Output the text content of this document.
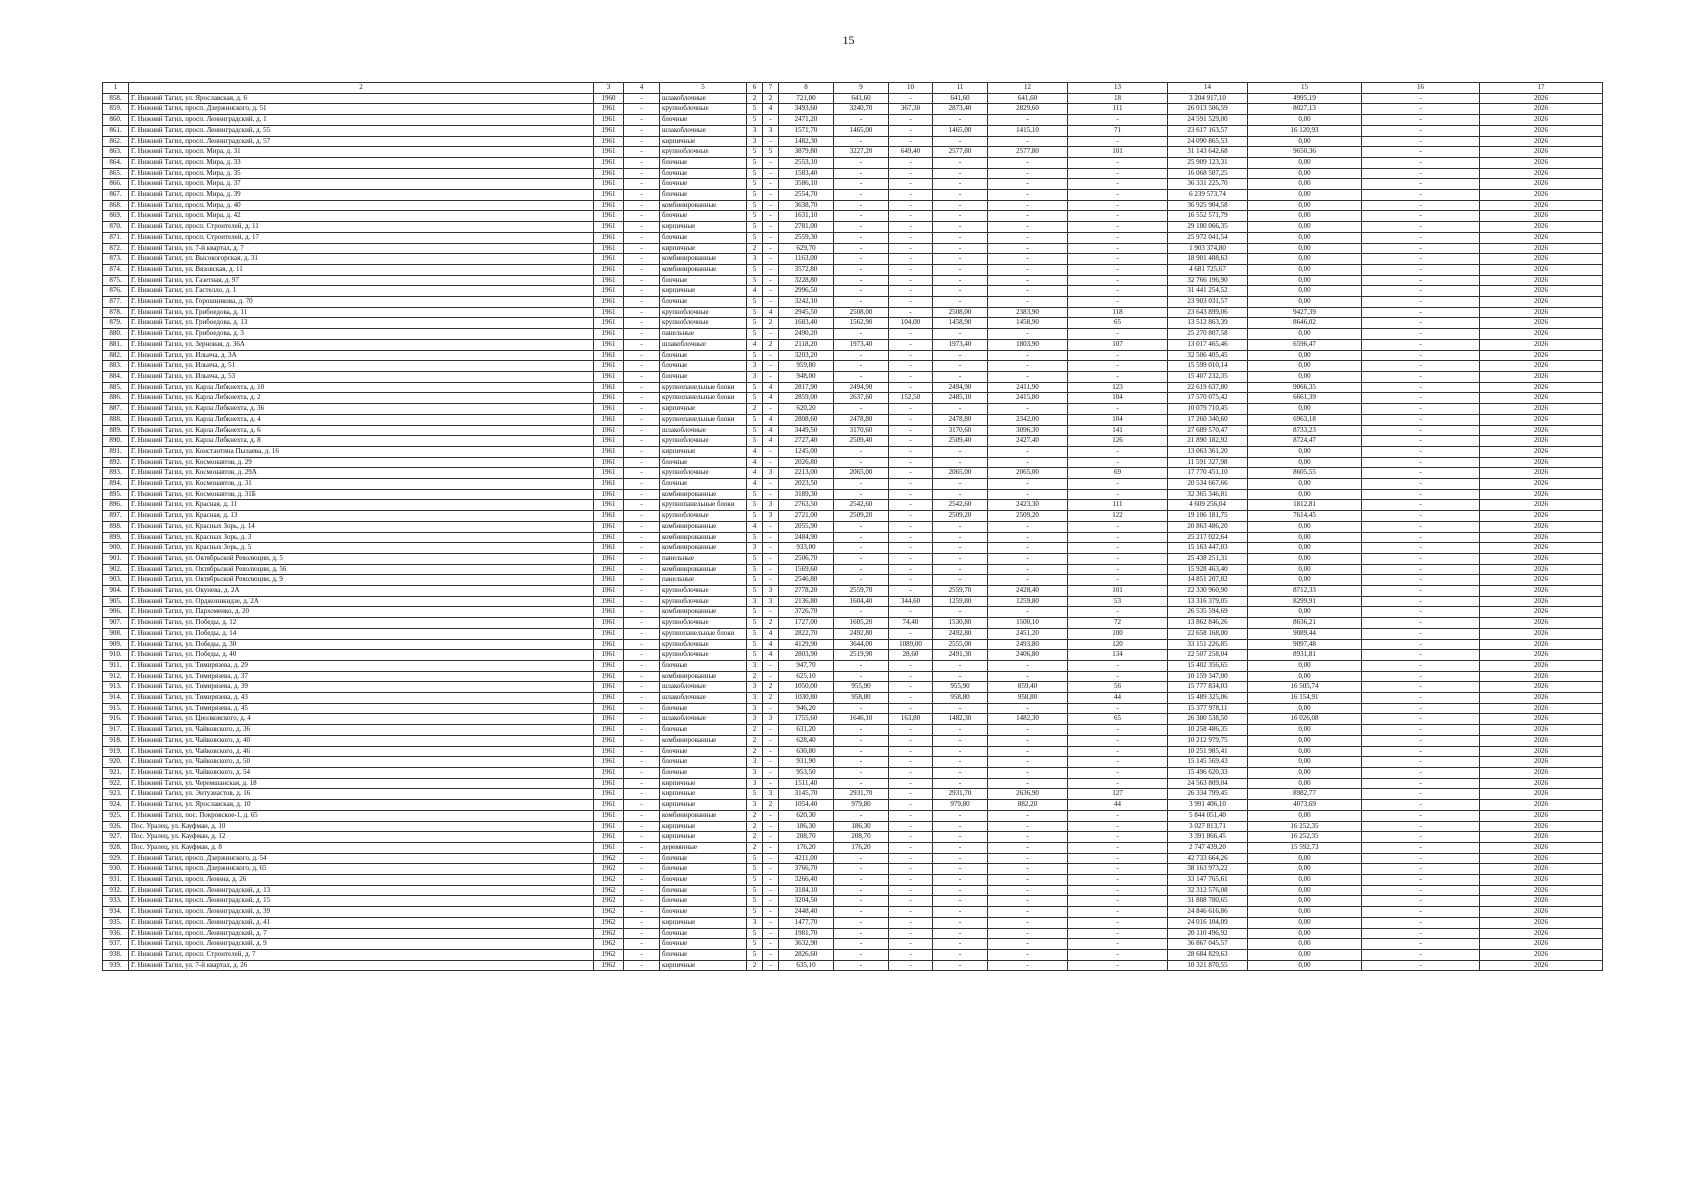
15
1	2	3	4	5	6	7	8	9	10	11	12	13	14	15	16	17
858.	Г. Нижний Тагил, ул. Ярославская, д. 6	1960	-	шлакоблочные	2	2	721,00	641,60	-	641,60	641,60	18	3 204 917,10	4995,19	-	2026
859.	Г. Нижний Тагил, просп. Дзержинского, д. 51	1961	-	крупноблочные	5	4	3493,60	3240,70	367,30	2873,40	2829,60	111	26 013 506,59	8027,13	-	2026
860.	Г. Нижний Тагил, просп. Ленинградский, д. 1	1961	-	блочные	5	-	2471,20	-	-	-	-	-	24 591 529,00	0,00	-	2026
861.	Г. Нижний Тагил, просп. Ленинградский, д. 55	1961	-	шлакоблочные	3	3	1571,70	1465,00	-	1465,00	1415,10	71	23 617 163,57	16 120,93	-	2026
862.	Г. Нижний Тагил, просп. Ленинградский, д. 57	1961	-	кирпичные	3	-	1482,30	-	-	-	-	-	24 090 865,53	0,00	-	2026
863.	Г. Нижний Тагил, просп. Мира, д. 31	1961	-	крупноблочные	5	5	3879,80	3227,20	649,40	2577,80	2577,80	101	31 143 642,68	9650,36	-	2026
864.	Г. Нижний Тагил, просп. Мира, д. 33	1961	-	блочные	5	-	2553,10	-	-	-	-	-	25 909 123,31	0,00	-	2026
865.	Г. Нижний Тагил, просп. Мира, д. 35	1961	-	блочные	5	-	1583,40	-	-	-	-	-	16 068 507,25	0,00	-	2026
866.	Г. Нижний Тагил, просп. Мира, д. 37	1961	-	блочные	5	-	3586,10	-	-	-	-	-	36 331 225,70	0,00	-	2026
867.	Г. Нижний Тагил, просп. Мира, д. 39	1961	-	блочные	5	-	2554,70	-	-	-	-	-	6 239 573,74	0,00	-	2026
868.	Г. Нижний Тагил, просп. Мира, д. 40	1961	-	комбинированные	5	-	3638,70	-	-	-	-	-	36 925 904,58	0,00	-	2026
869.	Г. Нижний Тагил, просп. Мира, д. 42	1961	-	блочные	5	-	1631,10	-	-	-	-	-	16 552 571,79	0,00	-	2026
870.	Г. Нижний Тагил, просп. Строителей, д. 11	1961	-	кирпичные	5	-	2781,00	-	-	-	-	-	29 180 066,35	0,00	-	2026
871.	Г. Нижний Тагил, просп. Строителей, д. 17	1961	-	блочные	5	-	2559,30	-	-	-	-	-	25 972 041,54	0,00	-	2026
872.	Г. Нижний Тагил, ул. 7-й квартал, д. 7	1961	-	кирпичные	2	-	629,70	-	-	-	-	-	1 903 374,80	0,00	-	2026
873.	Г. Нижний Тагил, ул. Высокогорская, д. 31	1961	-	комбинированные	3	-	1163,00	-	-	-	-	-	18 901 488,63	0,00	-	2026
874.	Г. Нижний Тагил, ул. Вязовская, д. 11	1961	-	комбинированные	5	-	3572,80	-	-	-	-	-	4 681 725,67	0,00	-	2026
875.	Г. Нижний Тагил, ул. Газетная, д. 97	1961	-	блочные	5	-	3228,80	-	-	-	-	-	32 766 196,90	0,00	-	2026
876.	Г. Нижний Тагил, ул. Гастелло, д. 1	1961	-	кирпичные	4	-	2996,50	-	-	-	-	-	31 441 254,52	0,00	-	2026
877.	Г. Нижний Тагил, ул. Горошникова, д. 70	1961	-	блочные	5	-	3242,10	-	-	-	-	-	23 903 031,57	0,00	-	2026
878.	Г. Нижний Тагил, ул. Грибоедова, д. 11	1961	-	крупноблочные	5	4	2945,50	2508,00	-	2508,00	2383,90	118	23 643 899,06	9427,39	-	2026
879.	Г. Нижний Тагил, ул. Грибоедова, д. 13	1961	-	крупноблочные	5	2	1683,40	1562,90	104,00	1458,90	1458,90	65	13 512 863,39	8646,02	-	2026
880.	Г. Нижний Тагил, ул. Грибоедова, д. 3	1961	-	панельные	5	-	2490,20	-	-	-	-	-	25 270 807,58	0,00	-	2026
881.	Г. Нижний Тагил, ул. Зерновая, д. 36А	1961	-	шлакоблочные	4	2	2118,20	1973,40	-	1973,40	1803,90	107	13 017 465,46	6596,47	-	2026
882.	Г. Нижний Тагил, ул. Ильича, д. 3А	1961	-	блочные	5	-	3203,20	-	-	-	-	-	32 506 405,45	0,00	-	2026
883.	Г. Нижний Тагил, ул. Ильича, д. 51	1961	-	блочные	3	-	959,80	-	-	-	-	-	15 599 010,14	0,00	-	2026
884.	Г. Нижний Тагил, ул. Ильича, д. 53	1961	-	блочные	3	-	948,00	-	-	-	-	-	15 407 232,35	0,00	-	2026
885.	Г. Нижний Тагил, ул. Карла Либкнехта, д. 10	1961	-	крупнопанельные блоки	5	4	2817,90	2494,90	-	2494,90	2411,90	123	22 619 637,80	9066,35	-	2026
886.	Г. Нижний Тагил, ул. Карла Либкнехта, д. 2	1961	-	крупнопанельные блоки	5	4	2859,00	2637,60	152,50	2485,10	2415,80	104	17 570 075,42	6661,39	-	2026
887.	Г. Нижний Тагил, ул. Карла Либкнехта, д. 36	1961	-	кирпичные	2	-	620,20	-	-	-	-	-	10 079 710,45	0,00	-	2026
888.	Г. Нижний Тагил, ул. Карла Либкнехта, д. 4	1961	-	крупнопанельные блоки	5	4	2808,60	2478,80	-	2478,80	2342,00	104	17 260 340,60	6963,18	-	2026
889.	Г. Нижний Тагил, ул. Карла Либкнехта, д. 6	1961	-	шлакоблочные	5	4	3449,50	3170,60	-	3170,60	3096,30	141	27 689 570,47	8733,23	-	2026
890.	Г. Нижний Тагил, ул. Карла Либкнехта, д. 8	1961	-	крупноблочные	5	4	2727,40	2509,40	-	2509,40	2427,40	126	21 890 182,92	8724,47	-	2026
891.	Г. Нижний Тагил, ул. Константина Пылаева, д. 16	1961	-	кирпичные	4	-	1245,00	-	-	-	-	-	13 063 361,20	0,00	-	2026
892.	Г. Нижний Тагил, ул. Космонавтов, д. 29	1961	-	блочные	4	-	2026,80	-	-	-	-	-	11 591 327,98	0,00	-	2026
893.	Г. Нижний Тагил, ул. Космонавтов, д. 29А	1961	-	крупноблочные	4	3	2213,00	2065,00	-	2065,00	2065,00	69	17 770 451,10	8605,55	-	2026
894.	Г. Нижний Тагил, ул. Космонавтов, д. 31	1961	-	блочные	4	-	2023,50	-	-	-	-	-	20 534 667,66	0,00	-	2026
895.	Г. Нижний Тагил, ул. Космонавтов, д. 31Б	1961	-	комбинированные	5	-	3189,30	-	-	-	-	-	32 365 346,81	0,00	-	2026
896.	Г. Нижний Тагил, ул. Красная, д. 11	1961	-	крупнопанельные блоки	5	3	2763,50	2542,60	-	2542,60	2423,30	111	4 609 256,04	1812,81	-	2026
897.	Г. Нижний Тагил, ул. Красная, д. 13	1961	-	крупноблочные	5	3	2721,00	2509,20	-	2509,20	2509,20	122	19 106 181,75	7614,45	-	2026
898.	Г. Нижний Тагил, ул. Красных Зорь, д. 14	1961	-	комбинированные	4	-	2055,90	-	-	-	-	-	20 863 486,20	0,00	-	2026
899.	Г. Нижний Тагил, ул. Красных Зорь, д. 3	1961	-	комбинированные	5	-	2484,90	-	-	-	-	-	25 217 022,64	0,00	-	2026
900.	Г. Нижний Тагил, ул. Красных Зорь, д. 5	1961	-	комбинированные	3	-	933,00	-	-	-	-	-	15 163 447,03	0,00	-	2026
901.	Г. Нижний Тагил, ул. Октябрьской Революции, д. 5	1961	-	панельные	5	-	2506,70	-	-	-	-	-	25 438 251,31	0,00	-	2026
902.	Г. Нижний Тагил, ул. Октябрьской Революции, д. 56	1961	-	комбинированные	5	-	1569,60	-	-	-	-	-	15 928 463,40	0,00	-	2026
903.	Г. Нижний Тагил, ул. Октябрьской Революции, д. 9	1961	-	панельные	5	-	2546,80	-	-	-	-	-	14 851 207,82	0,00	-	2026
904.	Г. Нижний Тагил, ул. Окунева, д. 2А	1961	-	крупноблочные	5	3	2778,20	2559,70	-	2559,70	2428,40	101	22 330 960,90	8712,33	-	2026
905.	Г. Нижний Тагил, ул. Орджоникидзе, д. 2А	1961	-	крупноблочные	3	3	2136,80	1604,40	344,60	1259,80	1259,80	53	13 316 379,05	8299,91	-	2026
906.	Г. Нижний Тагил, ул. Пархоменко, д. 20	1961	-	комбинированные	5	-	3726,70	-	-	-	-	-	26 535 594,69	0,00	-	2026
907.	Г. Нижний Тагил, ул. Победы, д. 12	1961	-	крупноблочные	5	2	1727,00	1605,20	74,40	1530,80	1500,10	72	13 862 846,26	8636,21	-	2026
908.	Г. Нижний Тагил, ул. Победы, д. 14	1961	-	крупнопанельные блоки	5	4	2822,70	2492,80	-	2492,80	2451,20	100	22 658 168,00	9089,44	-	2026
909.	Г. Нижний Тагил, ул. Победы, д. 30	1961	-	крупноблочные	5	4	4129,90	3644,00	1089,00	2555,00	2493,80	120	33 151 226,85	9097,48	-	2026
910.	Г. Нижний Тагил, ул. Победы, д. 40	1961	-	крупноблочные	5	4	2803,90	2519,90	28,60	2491,30	2406,80	134	22 507 258,04	8931,81	-	2026
911.	Г. Нижний Тагил, ул. Тимирязева, д. 29	1961	-	блочные	3	-	947,70	-	-	-	-	-	15 402 356,65	0,00	-	2026
912.	Г. Нижний Тагил, ул. Тимирязева, д. 37	1961	-	комбинированные	2	-	625,10	-	-	-	-	-	10 159 347,00	0,00	-	2026
913.	Г. Нижний Тагил, ул. Тимирязева, д. 39	1961	-	шлакоблочные	3	2	1050,00	955,90	-	955,90	859,40	56	15 777 834,03	16 505,74	-	2026
914.	Г. Нижний Тагил, ул. Тимирязева, д. 43	1961	-	шлакоблочные	3	2	1030,80	958,80	-	958,80	958,80	44	15 489 325,06	16 154,91	-	2026
915.	Г. Нижний Тагил, ул. Тимирязева, д. 45	1961	-	блочные	3	-	946,20	-	-	-	-	-	15 377 978,11	0,00	-	2026
916.	Г. Нижний Тагил, ул. Циолковского, д. 4	1961	-	шлакоблочные	3	3	1755,60	1646,10	163,80	1482,30	1482,30	65	26 380 538,50	16 026,08	-	2026
917.	Г. Нижний Тагил, ул. Чайковского, д. 36	1961	-	блочные	2	-	631,20	-	-	-	-	-	10 258 486,35	0,00	-	2026
918.	Г. Нижний Тагил, ул. Чайковского, д. 40	1961	-	комбинированные	2	-	628,40	-	-	-	-	-	10 212 979,75	0,00	-	2026
919.	Г. Нижний Тагил, ул. Чайковского, д. 46	1961	-	блочные	2	-	630,80	-	-	-	-	-	10 251 985,41	0,00	-	2026
920.	Г. Нижний Тагил, ул. Чайковского, д. 50	1961	-	блочные	3	-	931,90	-	-	-	-	-	15 145 569,43	0,00	-	2026
921.	Г. Нижний Тагил, ул. Чайковского, д. 54	1961	-	блочные	3	-	953,50	-	-	-	-	-	15 496 620,33	0,00	-	2026
922.	Г. Нижний Тагил, ул. Черемшанская, д. 18	1961	-	кирпичные	3	-	1511,40	-	-	-	-	-	24 563 809,04	0,00	-	2026
923.	Г. Нижний Тагил, ул. Энтузиастов, д. 16	1961	-	кирпичные	5	3	3145,70	2931,70	-	2931,70	2636,90	127	26 334 799,45	8982,77	-	2026
924.	Г. Нижний Тагил, ул. Ярославская, д. 10	1961	-	кирпичные	3	2	1054,40	979,80	-	979,80	882,20	44	3 991 406,10	4073,69	-	2026
925.	Г. Нижний Тагил, пос. Покровское-1, д. 65	1961	-	комбинированные	2	-	620,30	-	-	-	-	-	5 844 051,40	0,00	-	2026
926.	Пос. Уралец, ул. Кауфман, д. 10	1961	-	кирпичные	2	-	186,30	186,30	-	-	-	-	3 027 813,71	16 252,35	-	2026
927.	Пос. Уралец, ул. Кауфман, д. 12	1961	-	кирпичные	2	-	208,70	208,70	-	-	-	-	3 391 866,45	16 252,35	-	2026
928.	Пос. Уралец, ул. Кауфман, д. 8	1961	-	деревянные	2	-	176,20	176,20	-	-	-	-	2 747 439,20	15 592,73	-	2026
929.	Г. Нижний Тагил, просп. Дзержинского, д. 54	1962	-	блочные	5	-	4211,00	-	-	-	-	-	42 733 664,26	0,00	-	2026
930.	Г. Нижний Тагил, просп. Дзержинского, д. 65	1962	-	блочные	5	-	3766,70	-	-	-	-	-	38 163 973,22	0,00	-	2026
931.	Г. Нижний Тагил, просп. Ленина, д. 26	1962	-	блочные	5	-	3266,40	-	-	-	-	-	33 147 765,61	0,00	-	2026
932.	Г. Нижний Тагил, просп. Ленинградский, д. 13	1962	-	блочные	5	-	3184,10	-	-	-	-	-	32 312 576,08	0,00	-	2026
933.	Г. Нижний Тагил, просп. Ленинградский, д. 15	1962	-	блочные	5	-	3204,50	-	-	-	-	-	31 888 780,65	0,00	-	2026
934.	Г. Нижний Тагил, просп. Ленинградский, д. 39	1962	-	блочные	5	-	2448,40	-	-	-	-	-	24 846 616,86	0,00	-	2026
935.	Г. Нижний Тагил, просп. Ленинградский, д. 41	1962	-	кирпичные	3	-	1477,70	-	-	-	-	-	24 016 104,09	0,00	-	2026
936.	Г. Нижний Тагил, просп. Ленинградский, д. 7	1962	-	блочные	5	-	1981,70	-	-	-	-	-	20 110 496,92	0,00	-	2026
937.	Г. Нижний Тагил, просп. Ленинградский, д. 9	1962	-	блочные	5	-	3632,90	-	-	-	-	-	36 867 045,57	0,00	-	2026
938.	Г. Нижний Тагил, просп. Строителей, д. 7	1962	-	блочные	5	-	2826,60	-	-	-	-	-	28 684 829,63	0,00	-	2026
939.	Г. Нижний Тагил, ул. 7-й квартал, д. 26	1962	-	кирпичные	2	-	635,10	-	-	-	-	-	10 321 870,55	0,00	-	2026
